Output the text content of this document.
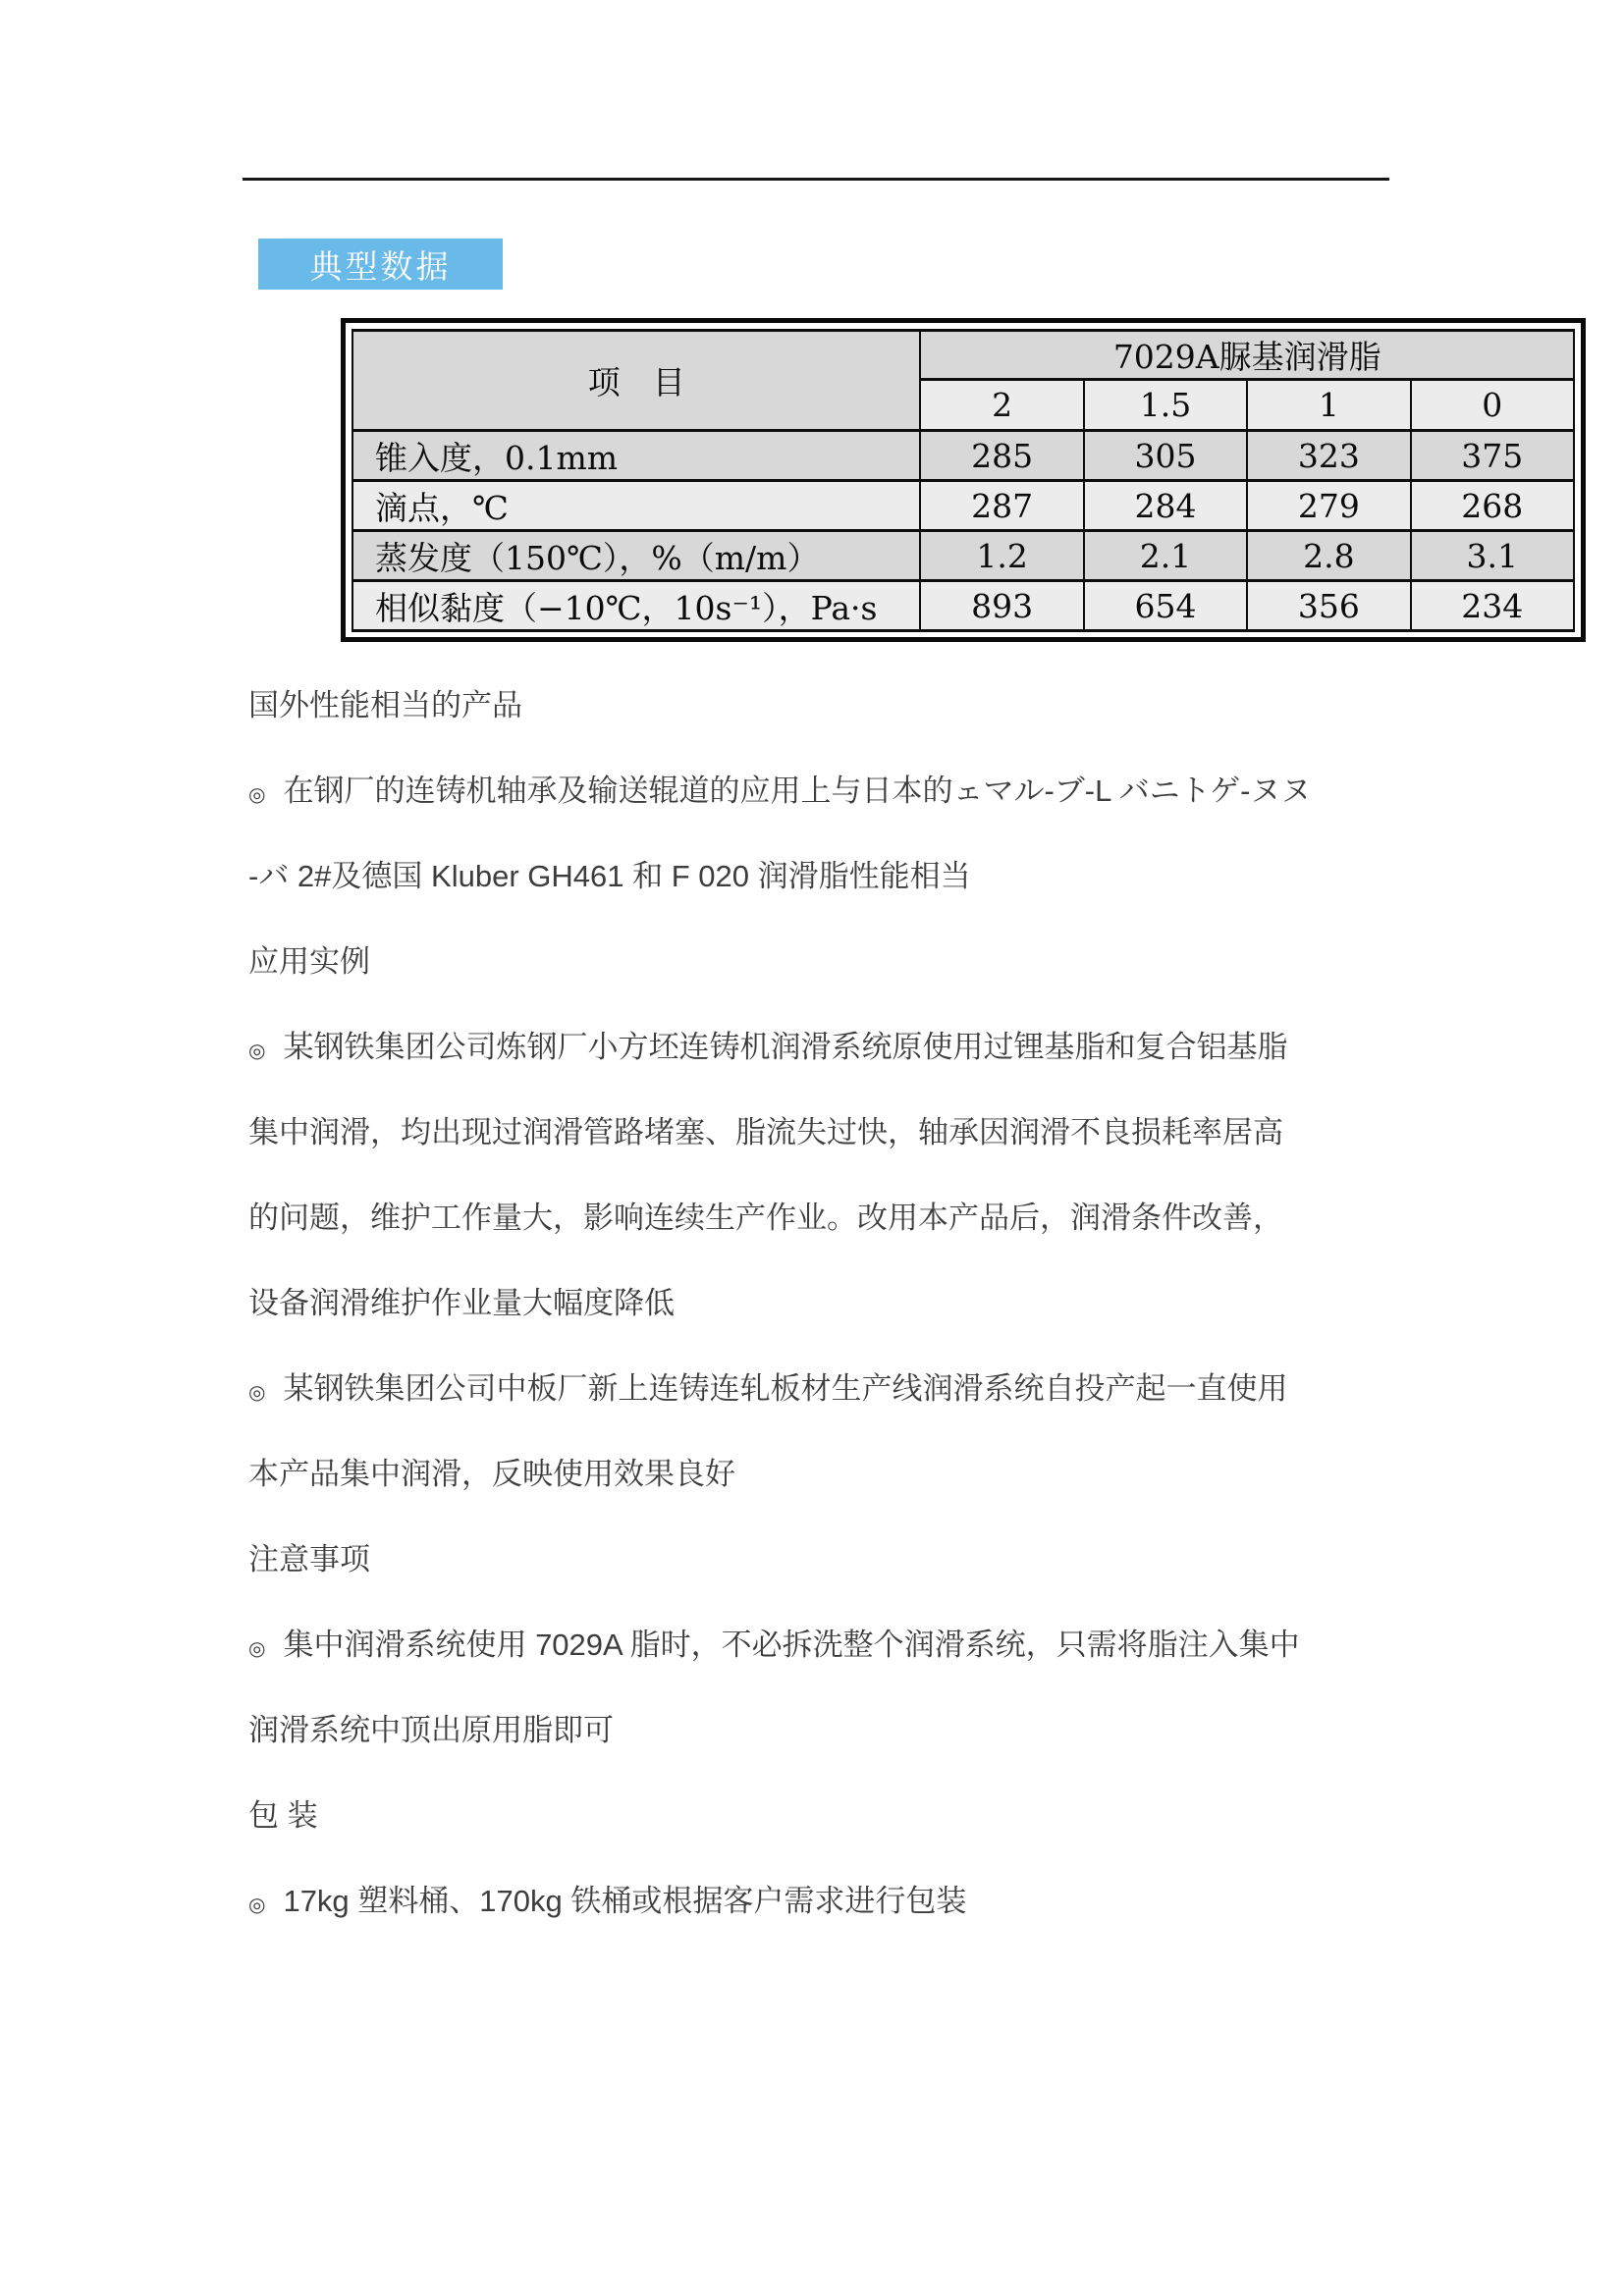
典型数据
项　目	7029A脲基润滑脂			
	2	1.5	1	0
锥入度，0.1mm	285	305	323	375
滴点，℃	287	284	279	268
蒸发度（150℃），%（m/m）	1.2	2.1	2.8	3.1
相似黏度（−10℃，10s⁻¹），Pa·s	893	654	356	234

国外性能相当的产品

◎ 在钢厂的连铸机轴承及输送辊道的应用上与日本的ェマル-ブ-L バニトゲ-ヌヌ

-バ 2#及德国 Kluber GH461 和 F 020 润滑脂性能相当

应用实例

◎ 某钢铁集团公司炼钢厂小方坯连铸机润滑系统原使用过锂基脂和复合铝基脂

集中润滑，均出现过润滑管路堵塞、脂流失过快，轴承因润滑不良损耗率居高

的问题，维护工作量大，影响连续生产作业。改用本产品后，润滑条件改善，

设备润滑维护作业量大幅度降低

◎ 某钢铁集团公司中板厂新上连铸连轧板材生产线润滑系统自投产起一直使用

本产品集中润滑，反映使用效果良好

注意事项

◎ 集中润滑系统使用 7029A 脂时，不必拆洗整个润滑系统，只需将脂注入集中

润滑系统中顶出原用脂即可

包 装

◎ 17kg 塑料桶、170kg 铁桶或根据客户需求进行包装
